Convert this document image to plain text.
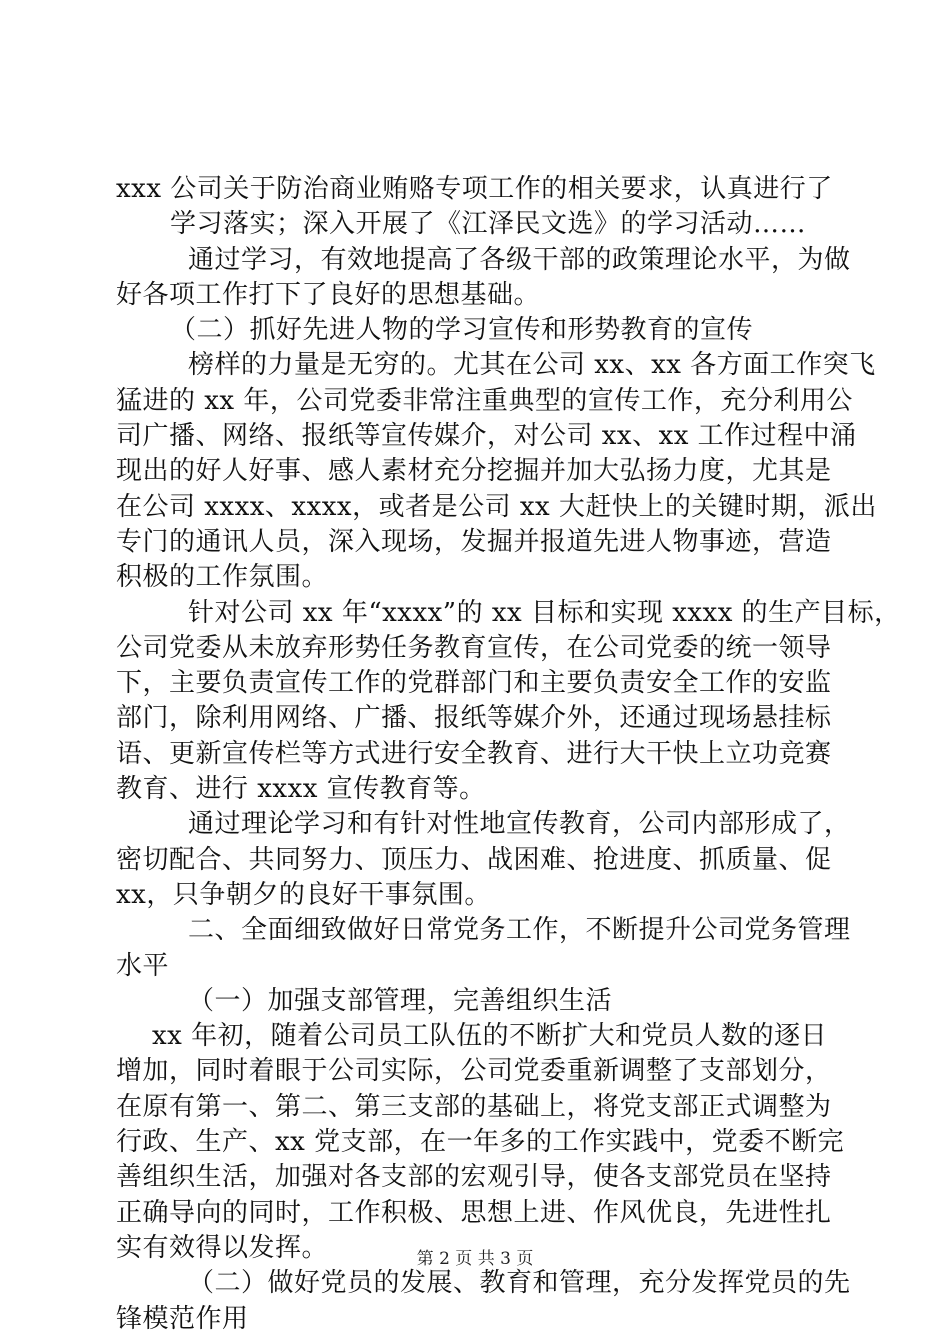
xxx 公司关于防治商业贿赂专项工作的相关要求，认真进行了
学习落实；深入开展了《江泽民文选》的学习活动……
通过学习，有效地提高了各级干部的政策理论水平，为做
好各项工作打下了良好的思想基础。
（二）抓好先进人物的学习宣传和形势教育的宣传
榜样的力量是无穷的。尤其在公司 xx、xx 各方面工作突飞
猛进的 xx 年，公司党委非常注重典型的宣传工作，充分利用公
司广播、网络、报纸等宣传媒介，对公司 xx、xx 工作过程中涌
现出的好人好事、感人素材充分挖掘并加大弘扬力度，尤其是
在公司 xxxx、xxxx，或者是公司 xx 大赶快上的关键时期，派出
专门的通讯人员，深入现场，发掘并报道先进人物事迹，营造
积极的工作氛围。
针对公司 xx 年“xxxx”的 xx 目标和实现 xxxx 的生产目标，
公司党委从未放弃形势任务教育宣传，在公司党委的统一领导
下，主要负责宣传工作的党群部门和主要负责安全工作的安监
部门，除利用网络、广播、报纸等媒介外，还通过现场悬挂标
语、更新宣传栏等方式进行安全教育、进行大干快上立功竞赛
教育、进行 xxxx 宣传教育等。
通过理论学习和有针对性地宣传教育，公司内部形成了，
密切配合、共同努力、顶压力、战困难、抢进度、抓质量、促
xx，只争朝夕的良好干事氛围。
二、全面细致做好日常党务工作，不断提升公司党务管理
水平
（一）加强支部管理，完善组织生活
xx 年初，随着公司员工队伍的不断扩大和党员人数的逐日
增加，同时着眼于公司实际，公司党委重新调整了支部划分，
在原有第一、第二、第三支部的基础上，将党支部正式调整为
行政、生产、xx 党支部，在一年多的工作实践中，党委不断完
善组织生活，加强对各支部的宏观引导，使各支部党员在坚持
正确导向的同时，工作积极、思想上进、作风优良，先进性扎
实有效得以发挥。
（二）做好党员的发展、教育和管理，充分发挥党员的先
锋模范作用
第 2 页 共 3 页
